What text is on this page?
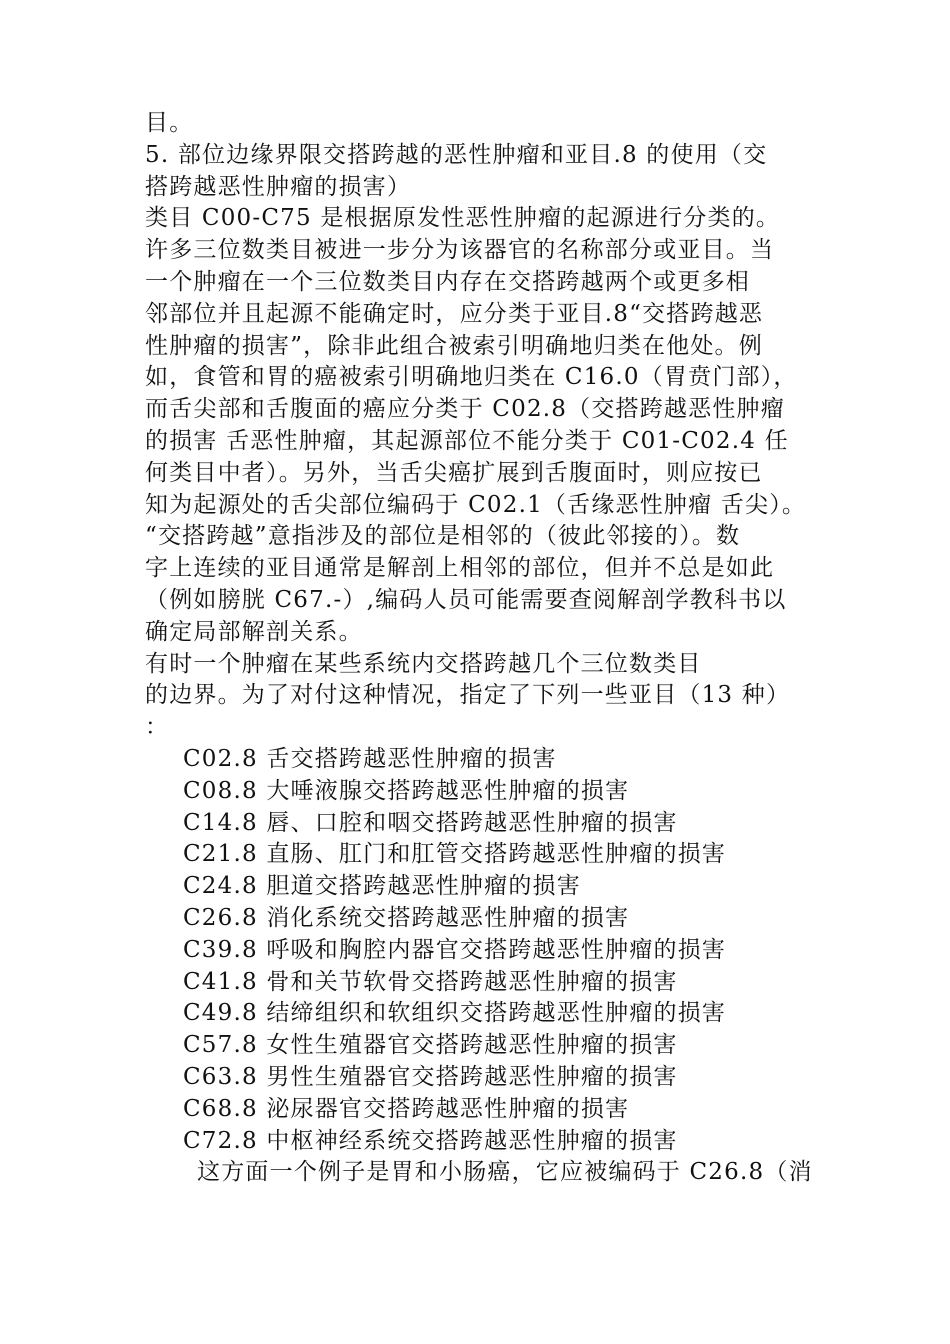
目。
5. 部位边缘界限交搭跨越的恶性肿瘤和亚目.8 的使用（交
搭跨越恶性肿瘤的损害）
类目 C00-C75 是根据原发性恶性肿瘤的起源进行分类的。
许多三位数类目被进一步分为该器官的名称部分或亚目。当
一个肿瘤在一个三位数类目内存在交搭跨越两个或更多相
邻部位并且起源不能确定时，应分类于亚目.8“交搭跨越恶
性肿瘤的损害”，除非此组合被索引明确地归类在他处。例
如，食管和胃的癌被索引明确地归类在 C16.0（胃贲门部），
而舌尖部和舌腹面的癌应分类于 C02.8（交搭跨越恶性肿瘤
的损害 舌恶性肿瘤，其起源部位不能分类于 C01-C02.4 任
何类目中者）。另外，当舌尖癌扩展到舌腹面时，则应按已
知为起源处的舌尖部位编码于 C02.1（舌缘恶性肿瘤 舌尖）。
“交搭跨越”意指涉及的部位是相邻的（彼此邻接的）。数
字上连续的亚目通常是解剖上相邻的部位，但并不总是如此
（例如膀胱 C67.-）,编码人员可能需要查阅解剖学教科书以
确定局部解剖关系。
有时一个肿瘤在某些系统内交搭跨越几个三位数类目
的边界。为了对付这种情况，指定了下列一些亚目（13 种）
：
C02.8 舌交搭跨越恶性肿瘤的损害
C08.8 大唾液腺交搭跨越恶性肿瘤的损害
C14.8 唇、口腔和咽交搭跨越恶性肿瘤的损害
C21.8 直肠、肛门和肛管交搭跨越恶性肿瘤的损害
C24.8 胆道交搭跨越恶性肿瘤的损害
C26.8 消化系统交搭跨越恶性肿瘤的损害
C39.8 呼吸和胸腔内器官交搭跨越恶性肿瘤的损害
C41.8 骨和关节软骨交搭跨越恶性肿瘤的损害
C49.8 结缔组织和软组织交搭跨越恶性肿瘤的损害
C57.8 女性生殖器官交搭跨越恶性肿瘤的损害
C63.8 男性生殖器官交搭跨越恶性肿瘤的损害
C68.8 泌尿器官交搭跨越恶性肿瘤的损害
C72.8 中枢神经系统交搭跨越恶性肿瘤的损害
这方面一个例子是胃和小肠癌，它应被编码于 C26.8（消
